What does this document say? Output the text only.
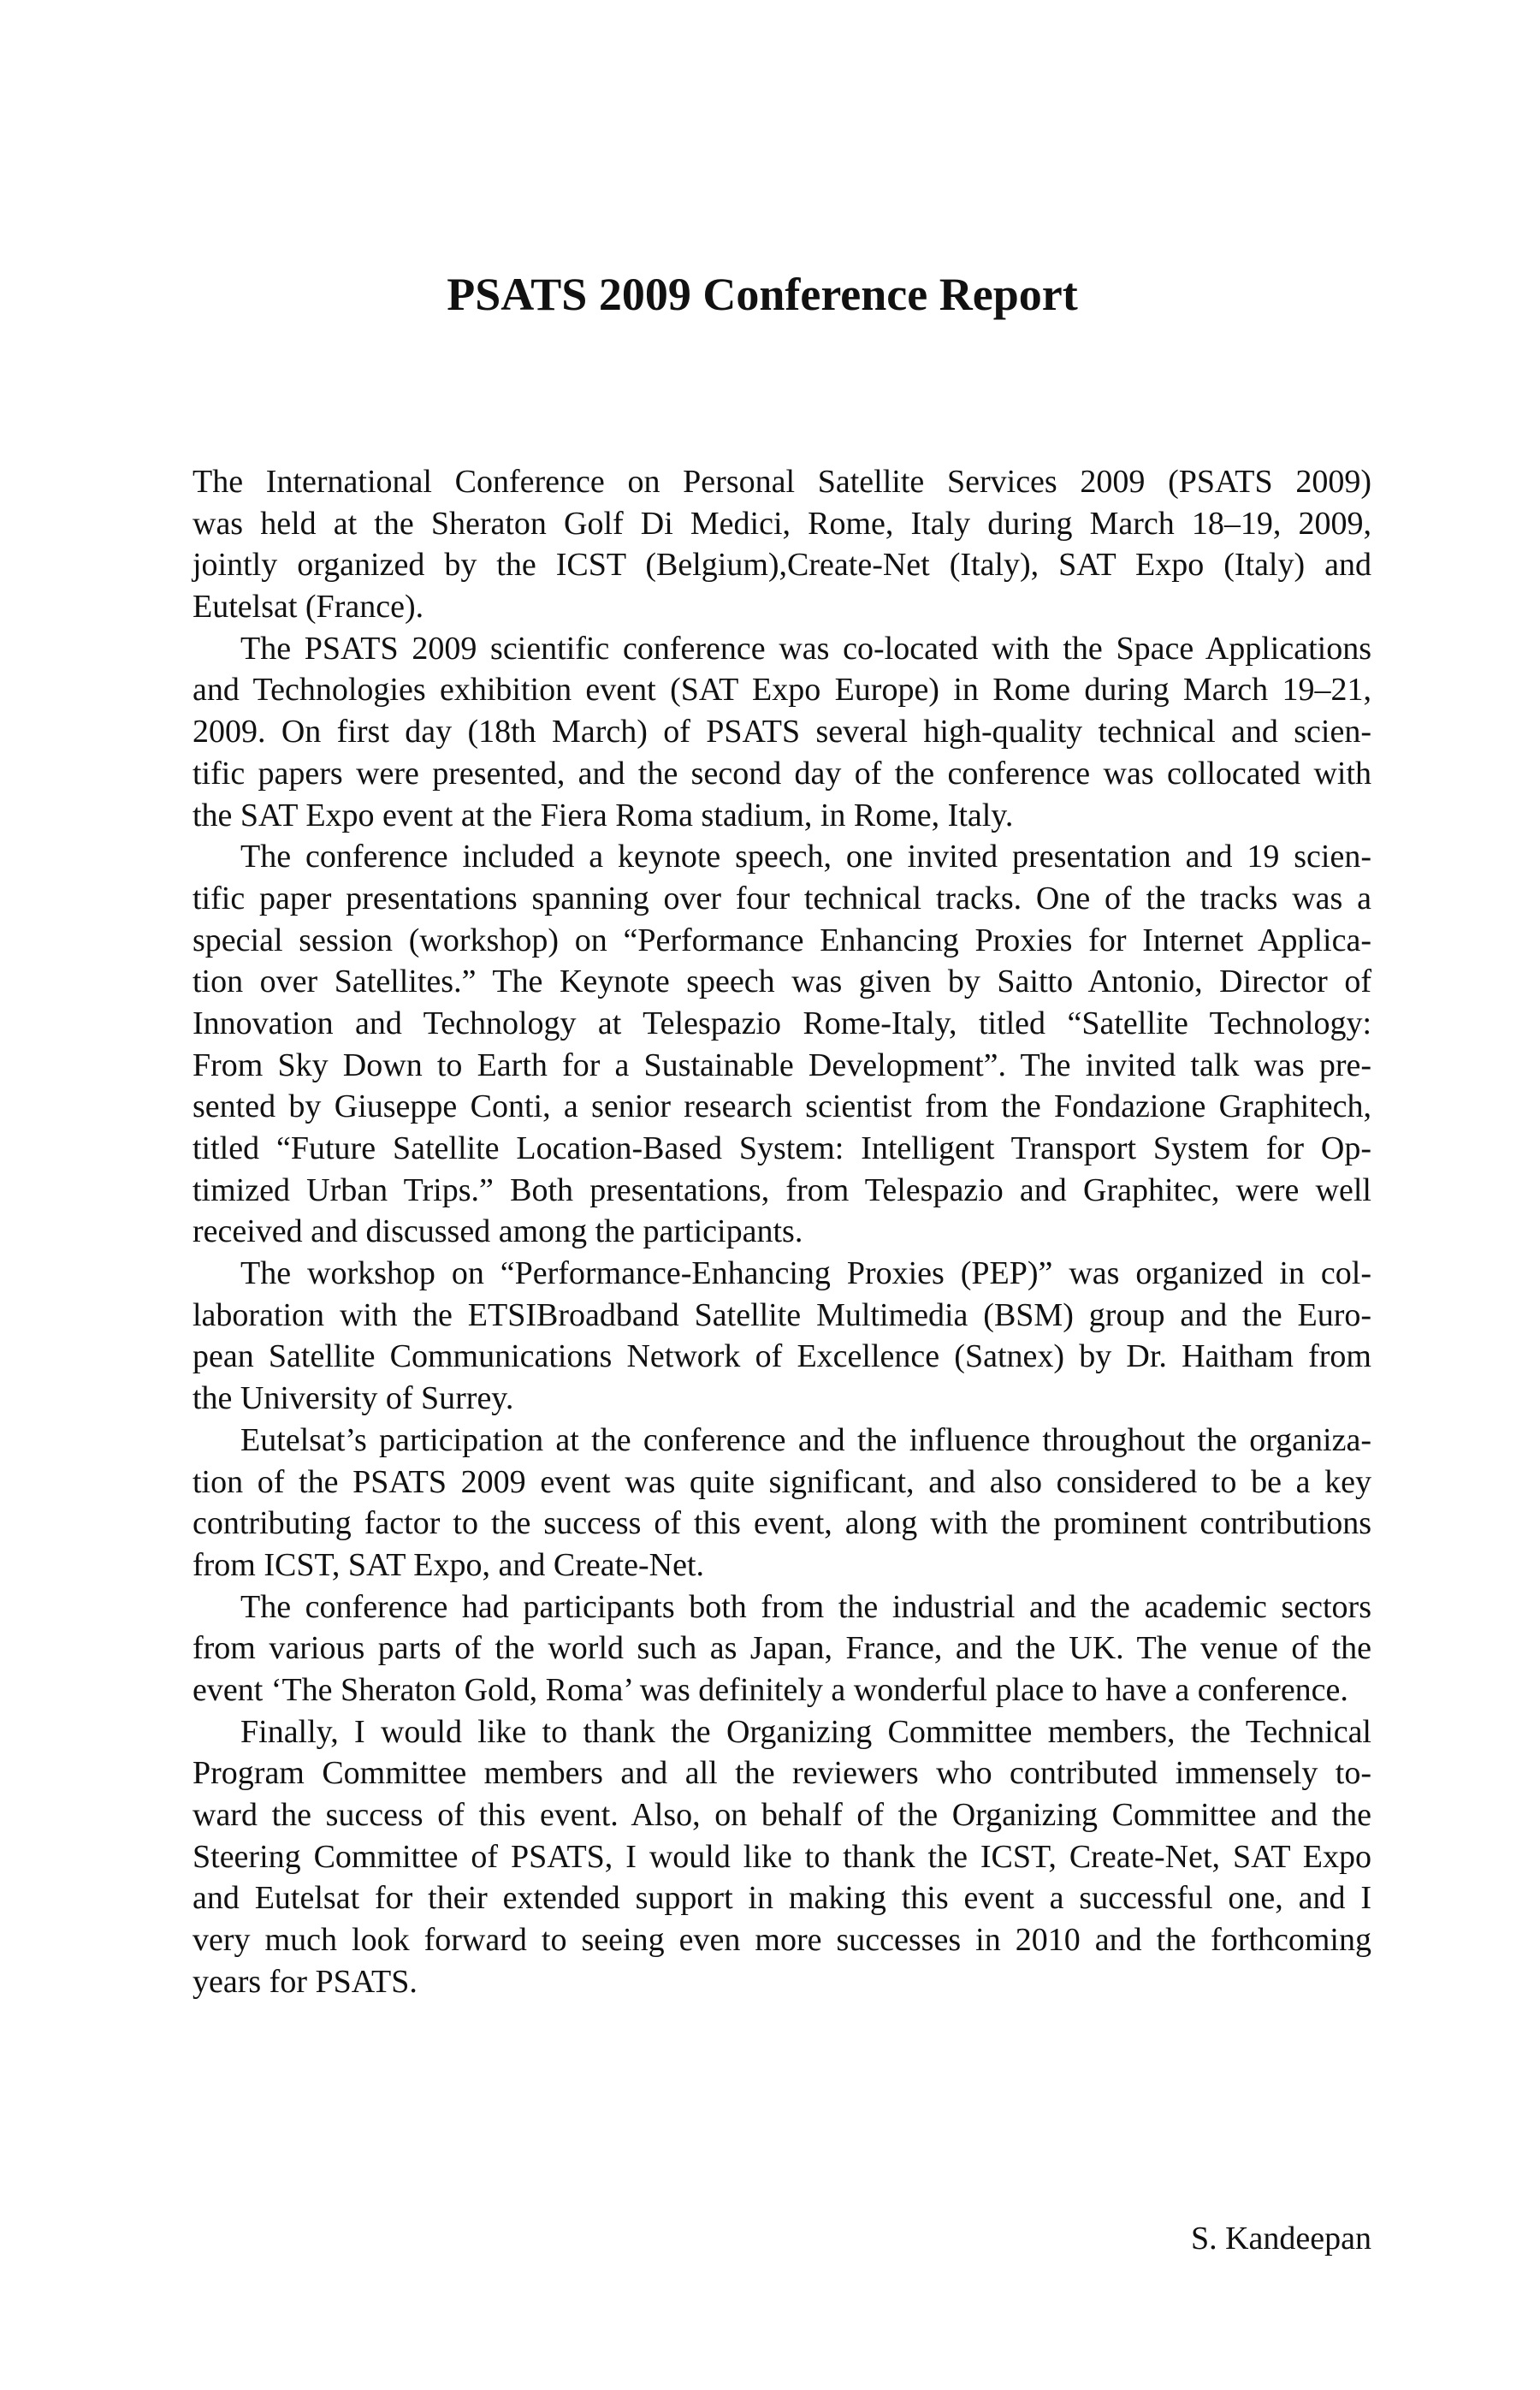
PSATS 2009 Conference Report
The International Conference on Personal Satellite Services 2009 (PSATS 2009)
was held at the Sheraton Golf Di Medici, Rome, Italy during March 18–19, 2009,
jointly organized by the ICST (Belgium),Create-Net (Italy), SAT Expo (Italy) and
Eutelsat (France).
The PSATS 2009 scientific conference was co-located with the Space Applications
and Technologies exhibition event (SAT Expo Europe) in Rome during March 19–21,
2009. On first day (18th March) of PSATS several high-quality technical and scien-
tific papers were presented, and the second day of the conference was collocated with
the SAT Expo event at the Fiera Roma stadium, in Rome, Italy.
The conference included a keynote speech, one invited presentation and 19 scien-
tific paper presentations spanning over four technical tracks. One of the tracks was a
special session (workshop) on “Performance Enhancing Proxies for Internet Applica-
tion over Satellites.” The Keynote speech was given by Saitto Antonio, Director of
Innovation and Technology at Telespazio Rome-Italy, titled “Satellite Technology:
From Sky Down to Earth for a Sustainable Development”. The invited talk was pre-
sented by Giuseppe Conti, a senior research scientist from the Fondazione Graphitech,
titled “Future Satellite Location-Based System: Intelligent Transport System for Op-
timized Urban Trips.” Both presentations, from Telespazio and Graphitec, were well
received and discussed among the participants.
The workshop on “Performance-Enhancing Proxies (PEP)” was organized in col-
laboration with the ETSIBroadband Satellite Multimedia (BSM) group and the Euro-
pean Satellite Communications Network of Excellence (Satnex) by Dr. Haitham from
the University of Surrey.
Eutelsat’s participation at the conference and the influence throughout the organiza-
tion of the PSATS 2009 event was quite significant, and also considered to be a key
contributing factor to the success of this event, along with the prominent contributions
from ICST, SAT Expo, and Create-Net.
The conference had participants both from the industrial and the academic sectors
from various parts of the world such as Japan, France, and the UK. The venue of the
event ‘The Sheraton Gold, Roma’ was definitely a wonderful place to have a conference.
Finally, I would like to thank the Organizing Committee members, the Technical
Program Committee members and all the reviewers who contributed immensely to-
ward the success of this event. Also, on behalf of the Organizing Committee and the
Steering Committee of PSATS, I would like to thank the ICST, Create-Net, SAT Expo
and Eutelsat for their extended support in making this event a successful one, and I
very much look forward to seeing even more successes in 2010 and the forthcoming
years for PSATS.
S. Kandeepan
